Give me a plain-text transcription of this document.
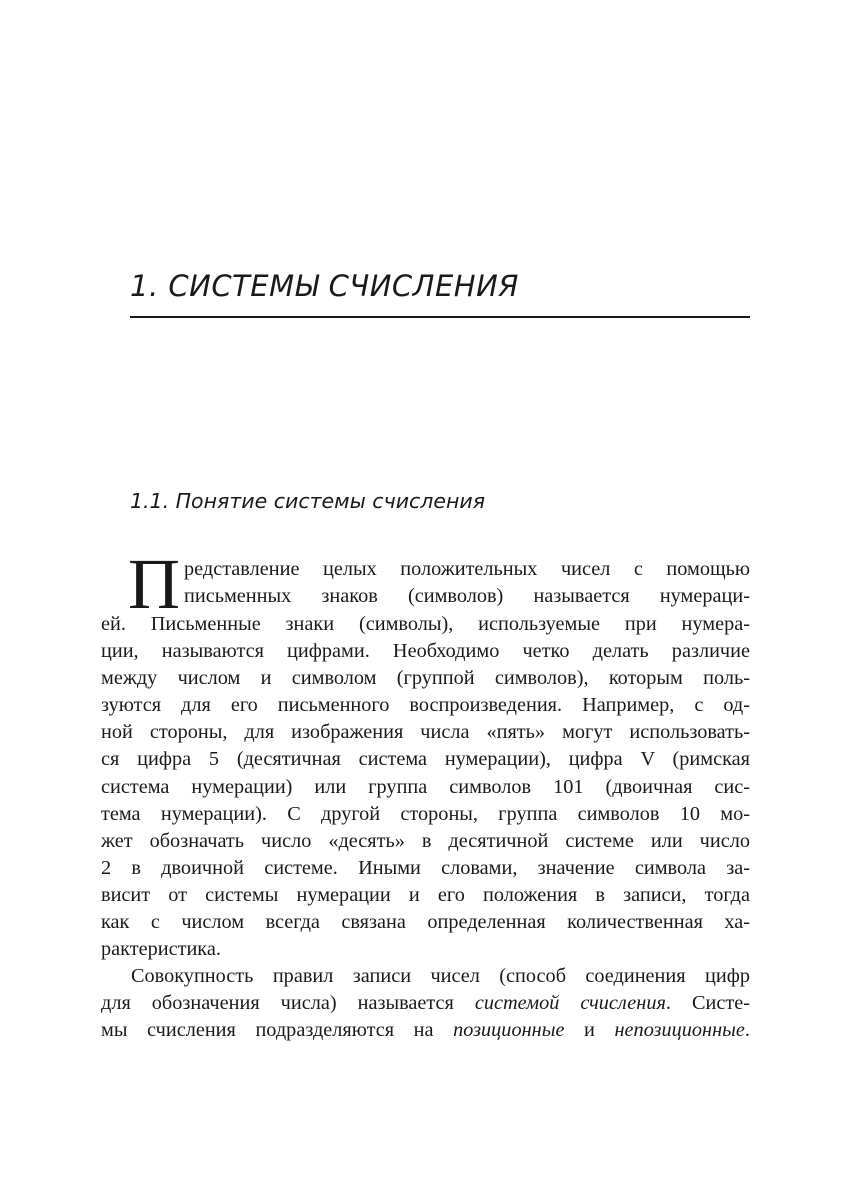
1. СИСТЕМЫ СЧИСЛЕНИЯ
1.1. Понятие системы счисления
П редставление целых положительных чисел с помощью
письменных знаков (символов) называется нумераци-
ей. Письменные знаки (символы), используемые при нумера-
ции, называются цифрами. Необходимо четко делать различие
между числом и символом (группой символов), которым поль-
зуются для его письменного воспроизведения. Например, с од-
ной стороны, для изображения числа «пять» могут использовать-
ся цифра 5 (десятичная система нумерации), цифра V (римская
система нумерации) или группа символов 101 (двоичная сис-
тема нумерации). С другой стороны, группа символов 10 мо-
жет обозначать число «десять» в десятичной системе или число
2 в двоичной системе. Иными словами, значение символа за-
висит от системы нумерации и его положения в записи, тогда
как с числом всегда связана определенная количественная ха-
рактеристика.
Совокупность правил записи чисел (способ соединения цифр
для обозначения числа) называется системой счисления. Систе-
мы счисления подразделяются на позиционные и непозиционные.
